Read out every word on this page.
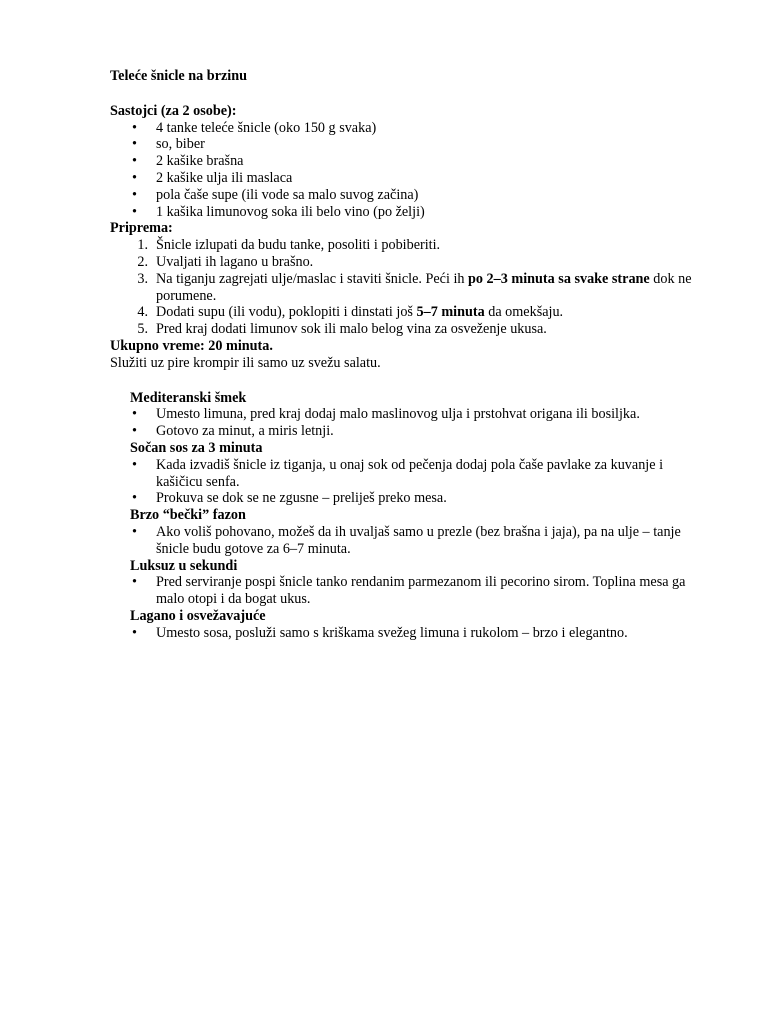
Teleće šnicle na brzinu

Sastojci (za 2 osobe):

• 4 tanke teleće šnicle (oko 150 g svaka)
• so, biber
• 2 kašike brašna
• 2 kašike ulja ili maslaca
• pola čaše supe (ili vode sa malo suvog začina)
• 1 kašika limunovog soka ili belo vino (po želji)

Priprema:

1. Šnicle izlupati da budu tanke, posoliti i pobiberiti.
2. Uvaljati ih lagano u brašno.
3. Na tiganju zagrejati ulje/maslac i staviti šnicle. Peći ih po 2–3 minuta sa svake strane dok ne porumene.
4. Dodati supu (ili vodu), poklopiti i dinstati još 5–7 minuta da omekšaju.
5. Pred kraj dodati limunov sok ili malo belog vina za osveženje ukusa.

Ukupno vreme: 20 minuta.

Služiti uz pire krompir ili samo uz svežu salatu.

Mediteranski šmek

• Umesto limuna, pred kraj dodaj malo maslinovog ulja i prstohvat origana ili bosiljka.
• Gotovo za minut, a miris letnji.

Sočan sos za 3 minuta

• Kada izvadiš šnicle iz tiganja, u onaj sok od pečenja dodaj pola čaše pavlake za kuvanje i kašičicu senfa.
• Prokuva se dok se ne zgusne – preliješ preko mesa.

Brzo “bečki” fazon

• Ako voliš pohovano, možeš da ih uvaljaš samo u prezle (bez brašna i jaja), pa na ulje – tanje šnicle budu gotove za 6–7 minuta.

Luksuz u sekundi

• Pred serviranje pospi šnicle tanko rendanim parmezanom ili pecorino sirom. Toplina mesa ga malo otopi i da bogat ukus.

Lagano i osvežavajuće

• Umesto sosa, posluži samo s kriškama svežeg limuna i rukolom – brzo i elegantno.
